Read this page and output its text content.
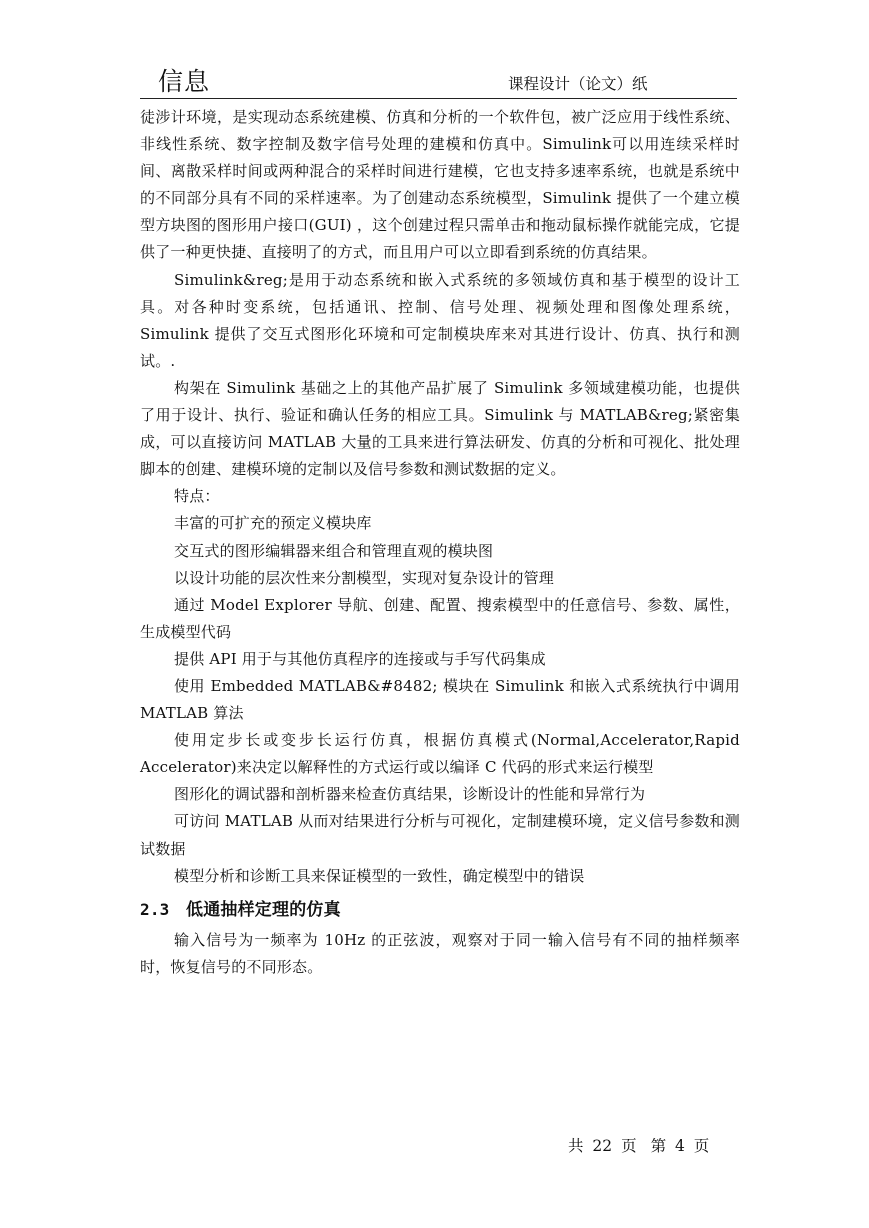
信息	课程设计（论文）纸

徒涉计环境，是实现动态系统建模、仿真和分析的一个软件包，被广泛应用于线性系统、非线性系统、数字控制及数字信号处理的建模和仿真中。Simulink可以用连续采样时间、离散采样时间或两种混合的采样时间进行建模，它也支持多速率系统，也就是系统中的不同部分具有不同的采样速率。为了创建动态系统模型，Simulink 提供了一个建立模型方块图的图形用户接口(GUI) ，这个创建过程只需单击和拖动鼠标操作就能完成，它提供了一种更快捷、直接明了的方式，而且用户可以立即看到系统的仿真结果。

Simulink&reg;是用于动态系统和嵌入式系统的多领域仿真和基于模型的设计工具。对各种时变系统，包括通讯、控制、信号处理、视频处理和图像处理系统，Simulink 提供了交互式图形化环境和可定制模块库来对其进行设计、仿真、执行和测试。.

构架在 Simulink 基础之上的其他产品扩展了 Simulink 多领域建模功能，也提供了用于设计、执行、验证和确认任务的相应工具。Simulink 与 MATLAB&reg;紧密集成，可以直接访问 MATLAB 大量的工具来进行算法研发、仿真的分析和可视化、批处理脚本的创建、建模环境的定制以及信号参数和测试数据的定义。

特点：

丰富的可扩充的预定义模块库

交互式的图形编辑器来组合和管理直观的模块图

以设计功能的层次性来分割模型，实现对复杂设计的管理

通过 Model Explorer 导航、创建、配置、搜索模型中的任意信号、参数、属性，生成模型代码

提供 API 用于与其他仿真程序的连接或与手写代码集成

使用 Embedded MATLAB&#8482; 模块在 Simulink 和嵌入式系统执行中调用 MATLAB 算法

使用定步长或变步长运行仿真，根据仿真模式(Normal,Accelerator,Rapid Accelerator)来决定以解释性的方式运行或以编译 C 代码的形式来运行模型

图形化的调试器和剖析器来检查仿真结果，诊断设计的性能和异常行为

可访问 MATLAB 从而对结果进行分析与可视化，定制建模环境，定义信号参数和测试数据

模型分析和诊断工具来保证模型的一致性，确定模型中的错误

2.3 低通抽样定理的仿真

输入信号为一频率为 10Hz 的正弦波，观察对于同一输入信号有不同的抽样频率时，恢复信号的不同形态。

共 22 页 第 4 页
